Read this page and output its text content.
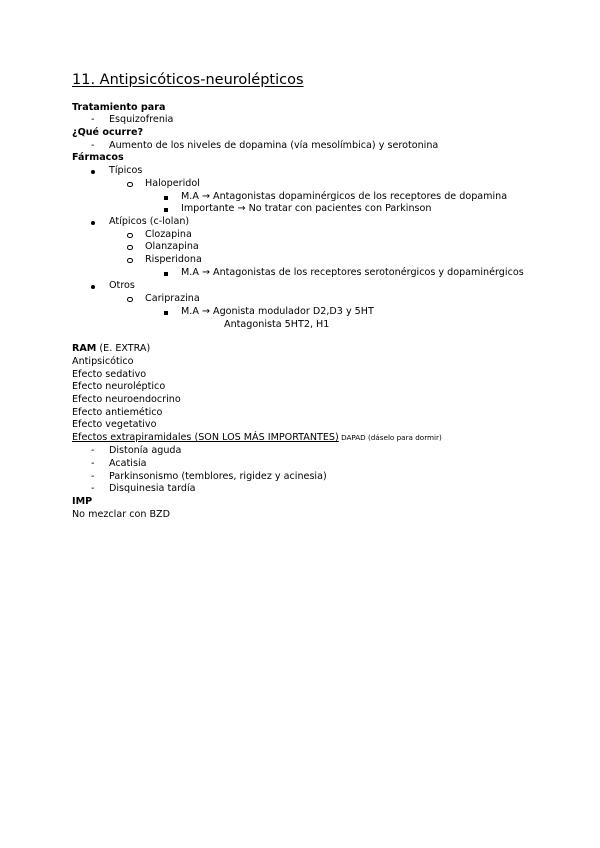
11. Antipsicóticos-neurolépticos
Tratamiento para
-
Esquizofrenia
¿Qué ocurre?
-
Aumento de los niveles de dopamina (vía mesolímbica) y serotonina
Fármacos
Típicos
Haloperidol
M.A → Antagonistas dopaminérgicos de los receptores de dopamina
Importante → No tratar con pacientes con Parkinson
Atípicos (c-lolan)
Clozapina
Olanzapina
Risperidona
M.A → Antagonistas de los receptores serotonérgicos y dopaminérgicos
Otros
Cariprazina
M.A → Agonista modulador D2,D3 y 5HT
Antagonista 5HT2, H1
RAM (E. EXTRA)
Antipsicótico
Efecto sedativo
Efecto neuroléptico
Efecto neuroendocrino
Efecto antiemético
Efecto vegetativo
Efectos extrapiramidales (SON LOS MÁS IMPORTANTES) DAPAD (dáselo para dormir)
-
Distonía aguda
-
Acatisia
-
Parkinsonismo (temblores, rigidez y acinesia)
-
Disquinesia tardía
IMP
No mezclar con BZD
